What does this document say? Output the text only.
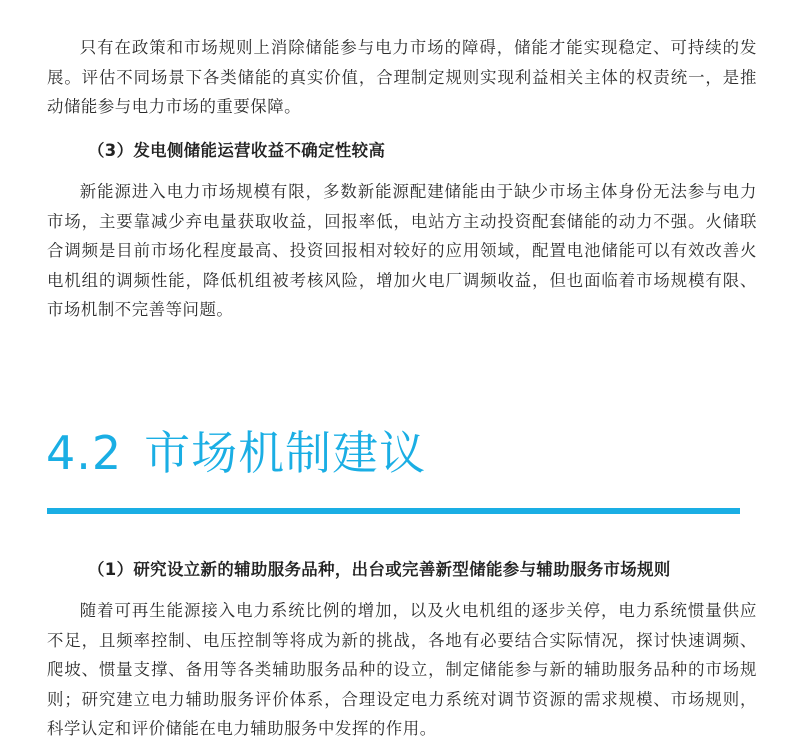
只有在政策和市场规则上消除储能参与电力市场的障碍，储能才能实现稳定、可持续的发展。评估不同场景下各类储能的真实价值，合理制定规则实现利益相关主体的权责统一，是推动储能参与电力市场的重要保障。

（3）发电侧储能运营收益不确定性较高

新能源进入电力市场规模有限，多数新能源配建储能由于缺少市场主体身份无法参与电力市场，主要靠减少弃电量获取收益，回报率低，电站方主动投资配套储能的动力不强。火储联合调频是目前市场化程度最高、投资回报相对较好的应用领域，配置电池储能可以有效改善火电机组的调频性能，降低机组被考核风险，增加火电厂调频收益，但也面临着市场规模有限、市场机制不完善等问题。

4.2 市场机制建议

（1）研究设立新的辅助服务品种，出台或完善新型储能参与辅助服务市场规则

随着可再生能源接入电力系统比例的增加，以及火电机组的逐步关停，电力系统惯量供应不足，且频率控制、电压控制等将成为新的挑战，各地有必要结合实际情况，探讨快速调频、爬坡、惯量支撑、备用等各类辅助服务品种的设立，制定储能参与新的辅助服务品种的市场规则；研究建立电力辅助服务评价体系，合理设定电力系统对调节资源的需求规模、市场规则，科学认定和评价储能在电力辅助服务中发挥的作用。
